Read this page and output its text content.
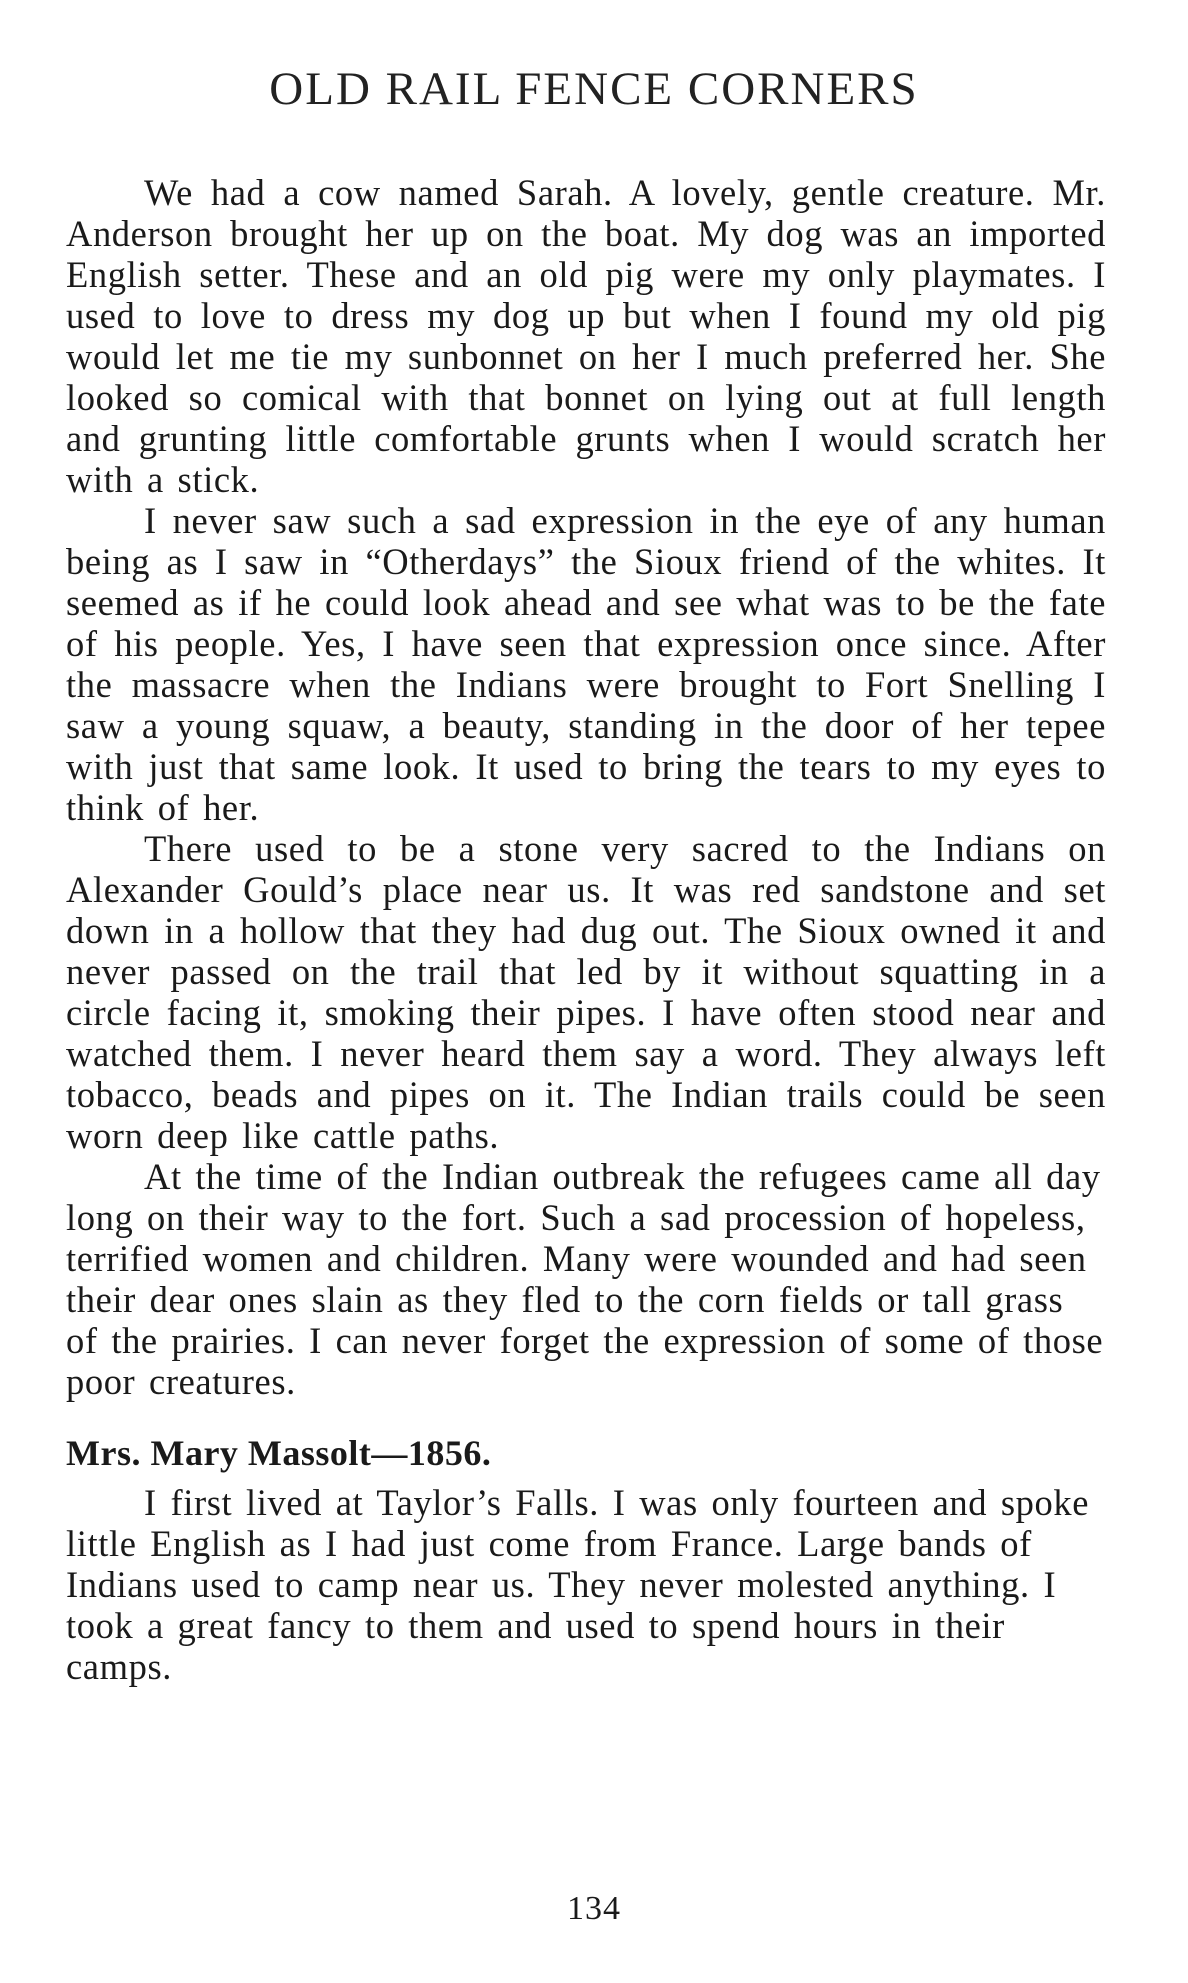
OLD RAIL FENCE CORNERS

We had a cow named Sarah. A lovely, gentle creature. Mr. Anderson brought her up on the boat. My dog was an imported English setter. These and an old pig were my only playmates. I used to love to dress my dog up but when I found my old pig would let me tie my sunbonnet on her I much preferred her. She looked so comical with that bonnet on lying out at full length and grunting little comfortable grunts when I would scratch her with a stick.

I never saw such a sad expression in the eye of any human being as I saw in “Otherdays” the Sioux friend of the whites. It seemed as if he could look ahead and see what was to be the fate of his people. Yes, I have seen that expression once since. After the massacre when the Indians were brought to Fort Snelling I saw a young squaw, a beauty, standing in the door of her tepee with just that same look. It used to bring the tears to my eyes to think of her.

There used to be a stone very sacred to the Indians on Alexander Gould’s place near us. It was red sandstone and set down in a hollow that they had dug out. The Sioux owned it and never passed on the trail that led by it without squatting in a circle facing it, smoking their pipes. I have often stood near and watched them. I never heard them say a word. They always left tobacco, beads and pipes on it. The Indian trails could be seen worn deep like cattle paths.

At the time of the Indian outbreak the refugees came all day long on their way to the fort. Such a sad procession of hopeless, terrified women and children. Many were wounded and had seen their dear ones slain as they fled to the corn fields or tall grass of the prairies. I can never forget the expression of some of those poor creatures.

Mrs. Mary Massolt—1856.

I first lived at Taylor’s Falls. I was only fourteen and spoke little English as I had just come from France. Large bands of Indians used to camp near us. They never molested anything. I took a great fancy to them and used to spend hours in their camps.

134
